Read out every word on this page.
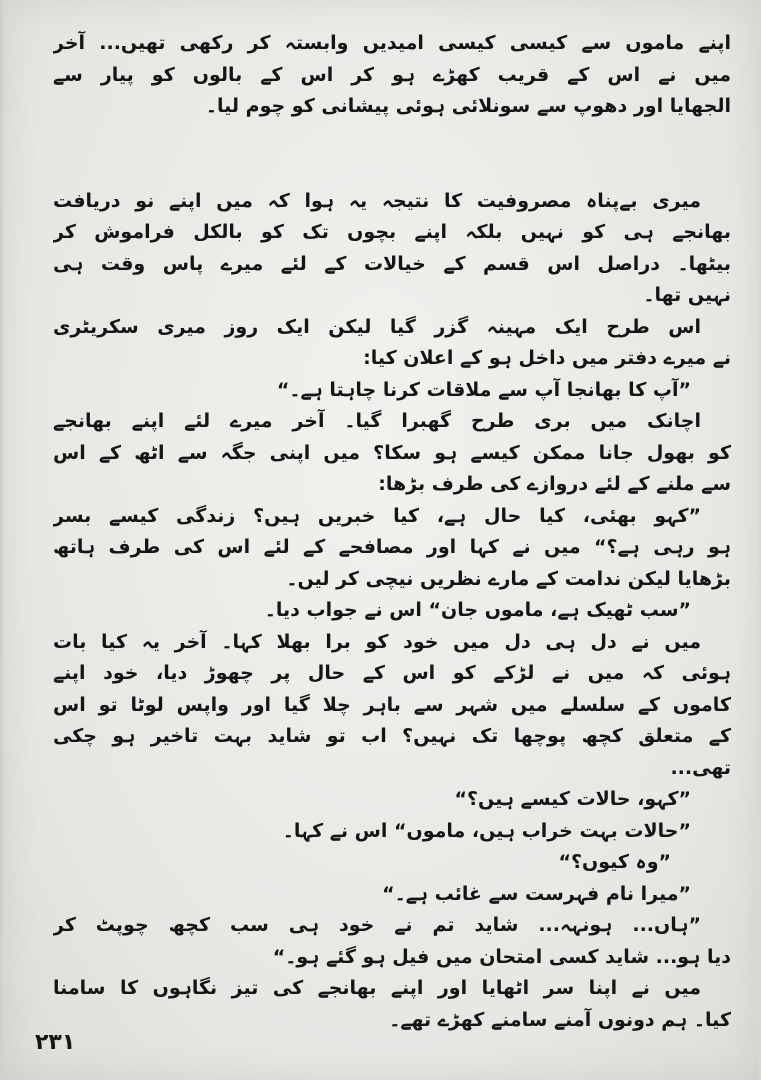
اپنے ماموں سے کیسی کیسی امیدیں وابستہ کر رکھی تھیں... آخر
میں نے اس کے قریب کھڑے ہو کر اس کے بالوں کو پیار سے
الجھایا اور دھوپ سے سونلائی ہوئی پیشانی کو چوم لیا۔
میری بےپناہ مصروفیت کا نتیجہ یہ ہوا کہ میں اپنے نو دریافت
بھانجے ہی کو نہیں بلکہ اپنے بچوں تک کو بالکل فراموش کر
بیٹھا۔ دراصل اس قسم کے خیالات کے لئے میرے پاس وقت ہی
نہیں تھا۔
اس طرح ایک مہینہ گزر گیا لیکن ایک روز میری سکریٹری
نے میرے دفتر میں داخل ہو کے اعلان کیا:
”آپ کا بھانجا آپ سے ملاقات کرنا چاہتا ہے۔“
اچانک میں بری طرح گھبرا گیا۔ آخر میرے لئے اپنے بھانجے
کو بھول جانا ممکن کیسے ہو سکا؟ میں اپنی جگہ سے اٹھ کے اس
سے ملنے کے لئے دروازے کی طرف بڑھا:
”کہو بھئی، کیا حال ہے، کیا خبریں ہیں؟ زندگی کیسے بسر
ہو رہی ہے؟“ میں نے کہا اور مصافحے کے لئے اس کی طرف ہاتھ
بڑھایا لیکن ندامت کے مارے نظریں نیچی کر لیں۔
”سب ٹھیک ہے، ماموں جان“ اس نے جواب دیا۔
میں نے دل ہی دل میں خود کو برا بھلا کہا۔ آخر یہ کیا بات
ہوئی کہ میں نے لڑکے کو اس کے حال پر چھوڑ دیا، خود اپنے
کاموں کے سلسلے میں شہر سے باہر چلا گیا اور واپس لوٹا تو اس
کے متعلق کچھ پوچھا تک نہیں؟ اب تو شاید بہت تاخیر ہو چکی
تھی...
”کہو، حالات کیسے ہیں؟“
”حالات بہت خراب ہیں، ماموں“ اس نے کہا۔
”وہ کیوں؟“
”میرا نام فہرست سے غائب ہے۔“
”ہاں... ہونہہ... شاید تم نے خود ہی سب کچھ چوپٹ کر
دیا ہو... شاید کسی امتحان میں فیل ہو گئے ہو۔“
میں نے اپنا سر اٹھایا اور اپنے بھانجے کی تیز نگاہوں کا سامنا
کیا۔ ہم دونوں آمنے سامنے کھڑے تھے۔
۲۳۱
